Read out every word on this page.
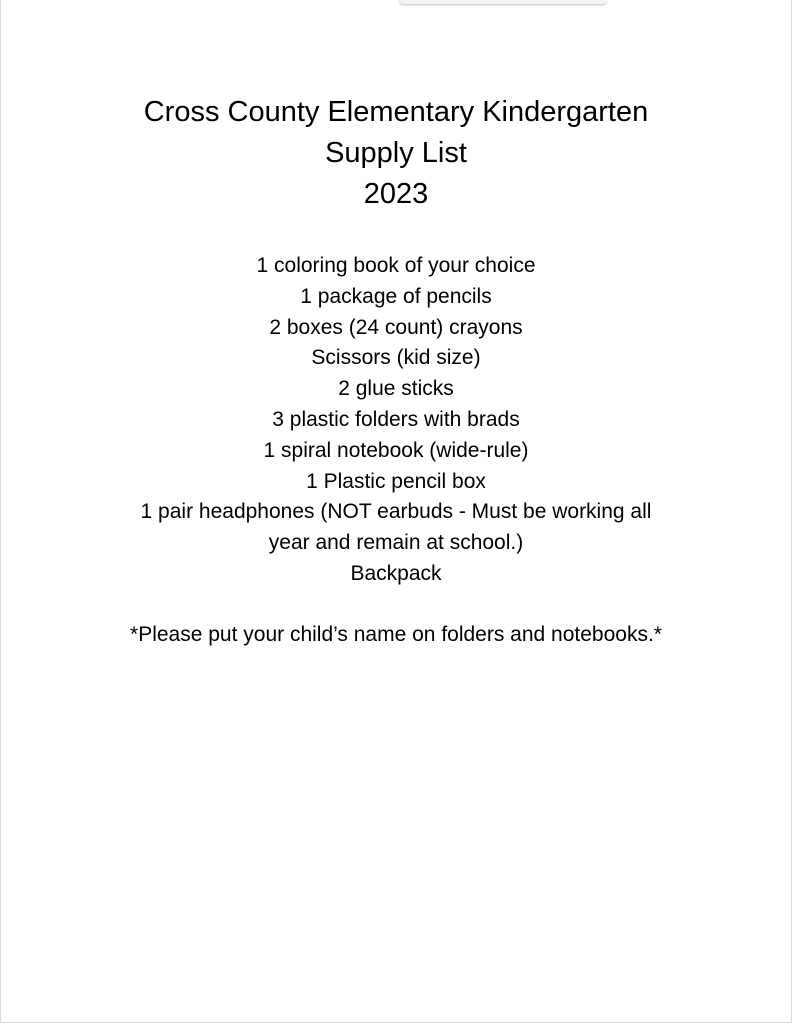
Cross County Elementary Kindergarten
Supply List
2023
1 coloring book of your choice
1 package of pencils
2 boxes (24 count) crayons
Scissors (kid size)
2 glue sticks
3 plastic folders with brads
1 spiral notebook (wide-rule)
1 Plastic pencil box
1 pair headphones (NOT earbuds - Must be working all
year and remain at school.)
Backpack
*Please put your child’s name on folders and notebooks.*
